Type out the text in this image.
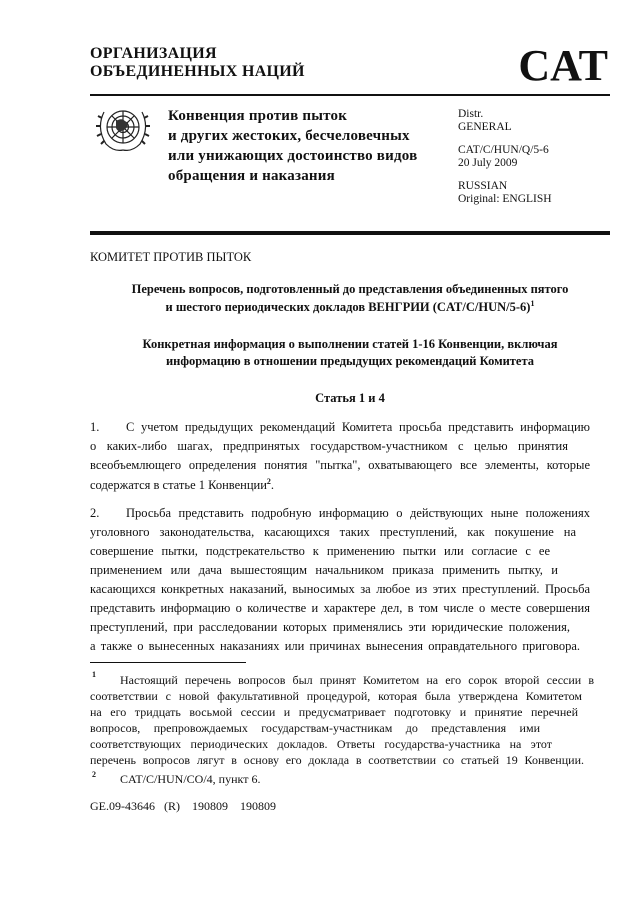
ОРГАНИЗАЦИЯ
ОБЪЕДИНЕННЫХ НАЦИЙ	CAT
Конвенция против пыток
и других жестоких, бесчеловечных
или унижающих достоинство видов
обращения и наказания
Distr.
GENERAL
CAT/C/HUN/Q/5-6
20 July 2009
RUSSIAN
Original: ENGLISH
КОМИТЕТ ПРОТИВ ПЫТОК
Перечень вопросов, подготовленный до представления объединенных пятого
и шестого периодических докладов ВЕНГРИИ $(CAT/C/HUN/5-6)^1$
Конкретная информация о выполнении статей 1-16 Конвенции, включая
информацию в отношении предыдущих рекомендаций Комитета
Статья 1 и 4
1. С учетом предыдущих рекомендаций Комитета просьба представить информацию
о каких-либо шагах, предпринятых государством-участником с целью принятия
всеобъемлющего определения понятия "пытка", охватывающего все элементы, которые
содержатся в статье 1 Конвенции$^2$.
2. Просьба представить подробную информацию о действующих ныне положениях
уголовного законодательства, касающихся таких преступлений, как покушение на
совершение пытки, подстрекательство к применению пытки или согласие с ее
применением или дача вышестоящим начальником приказа применить пытку, и
касающихся конкретных наказаний, выносимых за любое из этих преступлений. Просьба
представить информацию о количестве и характере дел, в том числе о месте совершения
преступлений, при расследовании которых применялись эти юридические положения,
а также о вынесенных наказаниях или причинах вынесения оправдательного приговора.
1 Настоящий перечень вопросов был принят Комитетом на его сорок второй сессии в
соответствии с новой факультативной процедурой, которая была утверждена Комитетом
на его тридцать восьмой сессии и предусматривает подготовку и принятие перечней
вопросов, препровождаемых государствам-участникам до представления ими
соответствующих периодических докладов. Ответы государства-участника на этот
перечень вопросов лягут в основу его доклада в соответствии со статьей 19 Конвенции.
2 CAT/C/HUN/CO/4, пункт 6.
GE.09-43646   (R)    190809    190809
